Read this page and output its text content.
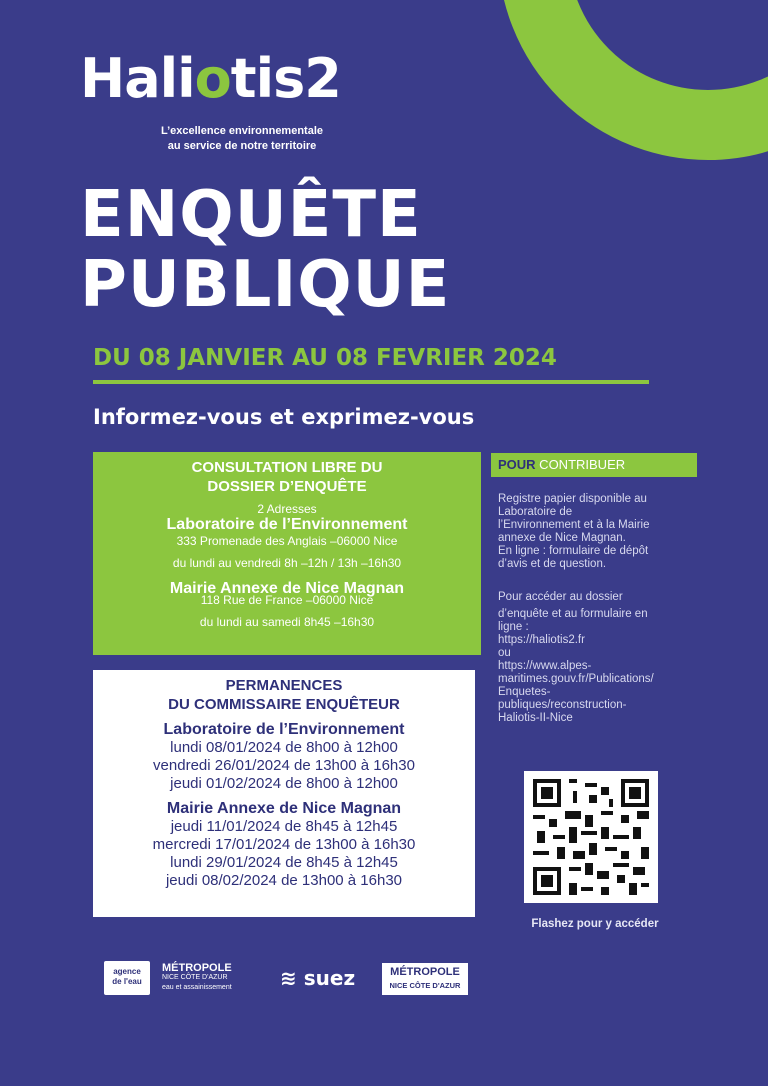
Haliotis2
L’excellence environnementale
au service de notre territoire
ENQUÊTE
PUBLIQUE
DU 08 JANVIER AU 08 FEVRIER 2024
Informez-vous et exprimez-vous
CONSULTATION LIBRE DU
DOSSIER D’ENQUÊTE
2 Adresses
Laboratoire de l’Environnement
333 Promenade des Anglais –06000 Nice
du lundi au vendredi 8h –12h / 13h –16h30
Mairie Annexe de Nice Magnan
118 Rue de France –06000 Nice
du lundi au samedi 8h45 –16h30
PERMANENCES
DU COMMISSAIRE ENQUÊTEUR
Laboratoire de l’Environnement
lundi 08/01/2024 de 8h00 à 12h00
vendredi 26/01/2024 de 13h00 à 16h30
jeudi 01/02/2024 de 8h00 à 12h00
Mairie Annexe de Nice Magnan
jeudi 11/01/2024 de 8h45 à 12h45
mercredi 17/01/2024 de 13h00 à 16h30
lundi 29/01/2024 de 8h45 à 12h45
jeudi 08/02/2024 de 13h00 à 16h30
POUR CONTRIBUER
Registre papier disponible au
Laboratoire de
l’Environnement et à la Mairie
annexe de Nice Magnan.
En ligne : formulaire de dépôt
d’avis et de question.
Pour accéder au dossier
d’enquête et au formulaire en
ligne :
https://haliotis2.fr
ou
https://www.alpes-
maritimes.gouv.fr/Publications/
Enquetes-
publiques/reconstruction-
Haliotis-II-Nice
Flashez pour y accéder
agence
de l'eau
MÉTROPOLE
NICE CÔTE D'AZUR
eau et assainissement ≋ suez	MÉTROPOLE
NICE CÔTE D'AZUR
